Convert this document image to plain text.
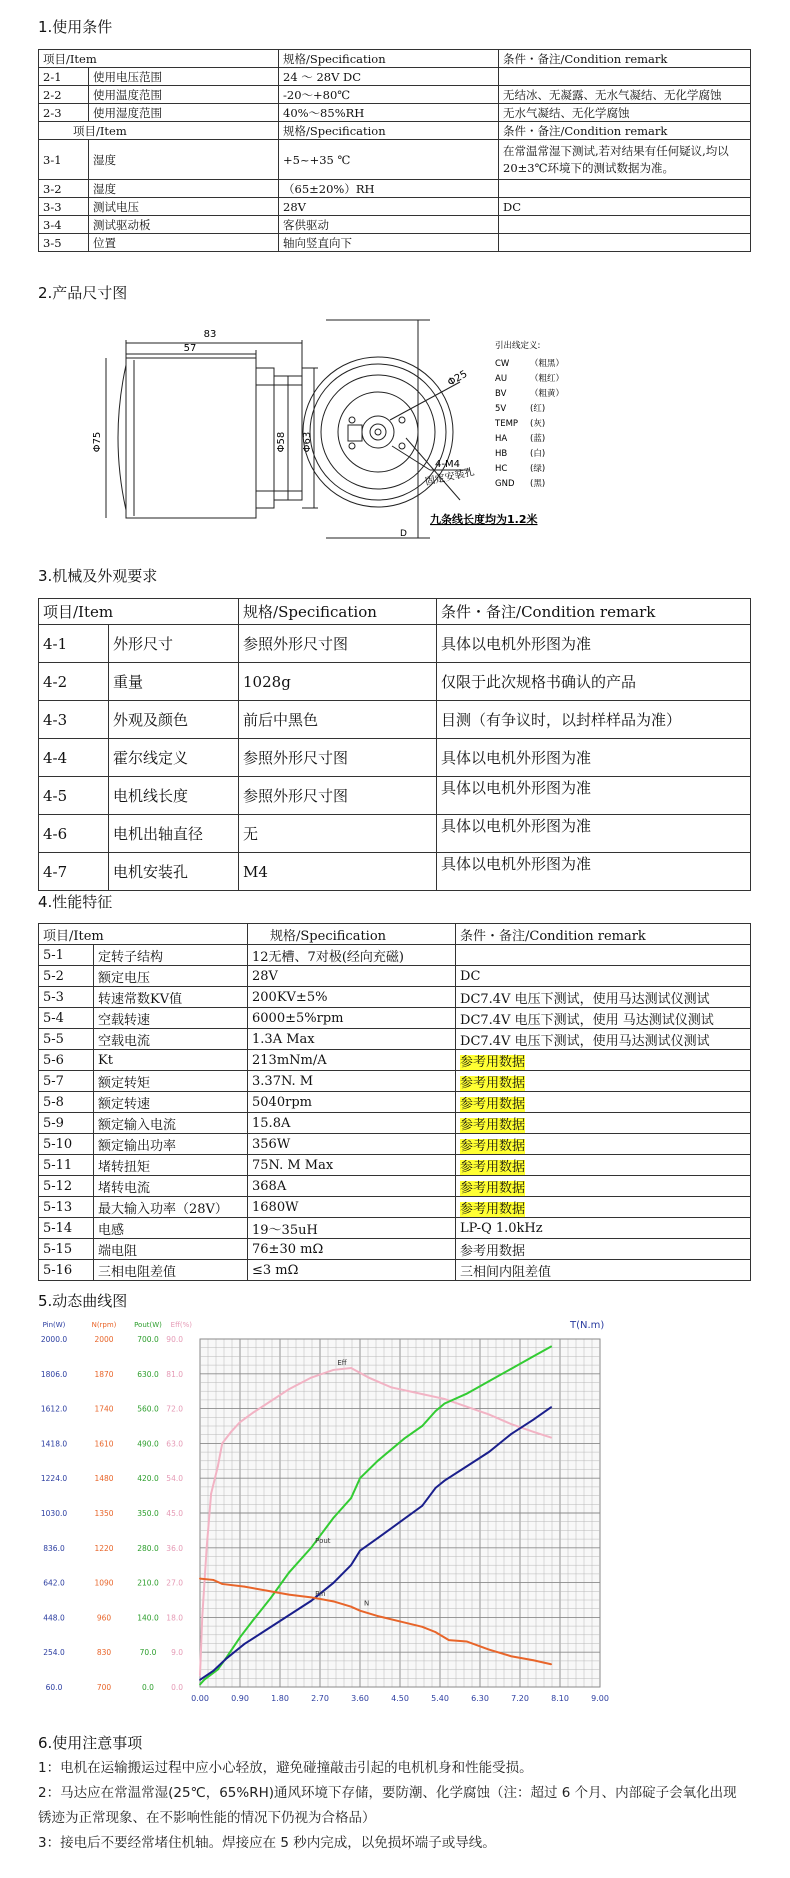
1.使用条件
项目/Item		规格/Specification	条件・备注/Condition remark
2-1	使用电压范围	24 ～ 28V DC	
2-2	使用温度范围	-20～+80℃	无结冰、无凝露、无水气凝结、无化学腐蚀
2-3	使用湿度范围	40%～85%RH	无水气凝结、无化学腐蚀
项目/Item		规格/Specification	条件・备注/Condition remark
3-1	湿度	+5~+35 ℃	在常温常湿下测试,若对结果有任何疑议,均以20±3℃环境下的测试数据为准。
3-2	湿度	（65±20%）RH	
3-3	测试电压	28V	DC
3-4	测试驱动板	客供驱动	
3-5	位置	轴向竖直向下	
2.产品尺寸图
83
57
Φ75	Φ58 Φ63
Φ25
4-M4
固定安装孔
D
九条线长度均为1.2米
引出线定义:
CW （粗黑）
AU	（粗红）
BV	（粗黄）
5V	(红)
TEMP (灰)
HA	(蓝)
HB	(白)
HC	(绿)
GND (黑)
3.机械及外观要求
项目/Item		规格/Specification	条件・备注/Condition remark
4-1	外形尺寸	参照外形尺寸图	具体以电机外形图为准
4-2	重量	1028g	仅限于此次规格书确认的产品
4-3	外观及颜色	前后中黑色	目测（有争议时，以封样样品为准）
4-4	霍尔线定义	参照外形尺寸图	具体以电机外形图为准
4-5	电机线长度	参照外形尺寸图	具体以电机外形图为准
4-6	电机出轴直径	无	具体以电机外形图为准
4-7	电机安装孔	M4	具体以电机外形图为准
4.性能特征
项目/Item		规格/Specification	条件・备注/Condition remark
5-1	定转子结构	12无槽、7对极(经向充磁)	
5-2	额定电压	28V	DC
5-3	转速常数KV值	200KV±5%	DC7.4V 电压下测试，使用马达测试仪测试
5-4	空载转速	6000±5%rpm	DC7.4V 电压下测试，使用 马达测试仪测试
5-5	空载电流	1.3A Max	DC7.4V 电压下测试，使用马达测试仪测试
5-6	Kt	213mNm/A	参考用数据
5-7	额定转矩	3.37N. M	参考用数据
5-8	额定转速	5040rpm	参考用数据
5-9	额定输入电流	15.8A	参考用数据
5-10	额定输出功率	356W	参考用数据
5-11	堵转扭矩	75N. M Max	参考用数据
5-12	堵转电流	368A	参考用数据
5-13	最大输入功率（28V）	1680W	参考用数据
5-14	电感	19～35uH	LP-Q 1.0kHz
5-15	端电阻	76±30 mΩ	参考用数据
5-16	三相电阻差值	≤3 mΩ	三相间内阻差值
5.动态曲线图
Pin(W)
60.0
254.0
448.0
642.0
836.0
1030.0
1224.0
1418.0
1612.0
1806.0
2000.0
N(rpm)
700
830
960
1090
1220
1350
1480
1610
1740
1870
2000
Pout(W)
0.0
70.0
140.0
210.0
280.0
350.0
420.0
490.0
560.0
630.0
700.0
Eff(%)
0.0
9.0
18.0
27.0
36.0
45.0
54.0
63.0
72.0
81.0
90.0
0.00	0.90	1.80	2.70	3.60	4.50	5.40	6.30	7.20	8.10	9.00
T(N.m)
Eff
Pout
Pin
N
6.使用注意事项
1：电机在运输搬运过程中应小心轻放，避免碰撞敲击引起的电机机身和性能受损。
2：马达应在常温常湿(25℃，65%RH)通风环境下存储，要防潮、化学腐蚀（注：超过 6 个月、内部碇子会氧化出现锈迹为正常现象、在不影响性能的情况下仍视为合格品）
3：接电后不要经常堵住机轴。焊接应在 5 秒内完成，以免损坏端子或导线。
